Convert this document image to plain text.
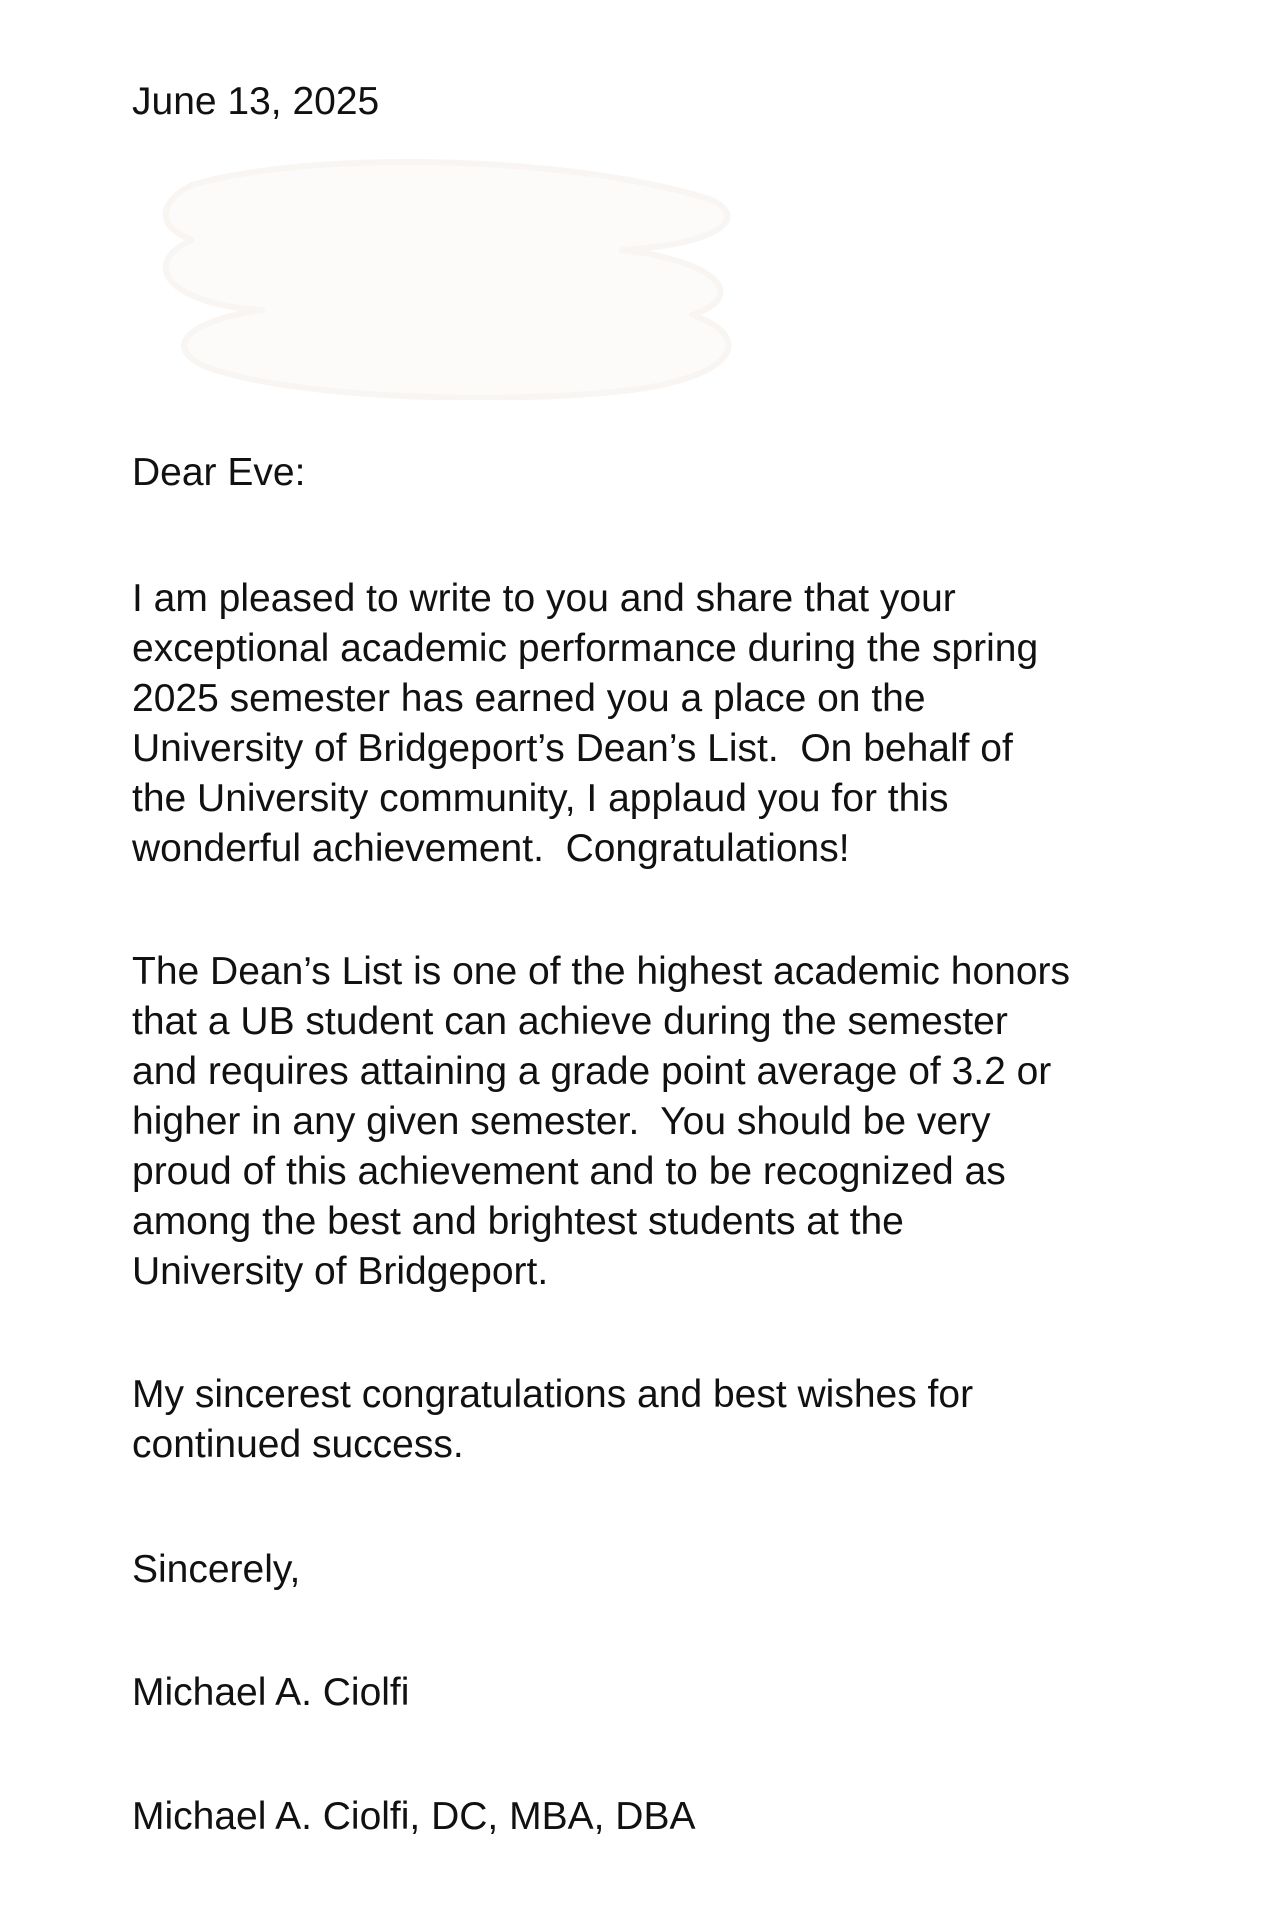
June 13, 2025
Dear Eve:
I am pleased to write to you and share that your
exceptional academic performance during the spring
2025 semester has earned you a place on the
University of Bridgeport’s Dean’s List.  On behalf of
the University community, I applaud you for this
wonderful achievement.  Congratulations!
The Dean’s List is one of the highest academic honors
that a UB student can achieve during the semester
and requires attaining a grade point average of 3.2 or
higher in any given semester.  You should be very
proud of this achievement and to be recognized as
among the best and brightest students at the
University of Bridgeport.
My sincerest congratulations and best wishes for
continued success.
Sincerely,
Michael A. Ciolfi
Michael A. Ciolfi, DC, MBA, DBA
